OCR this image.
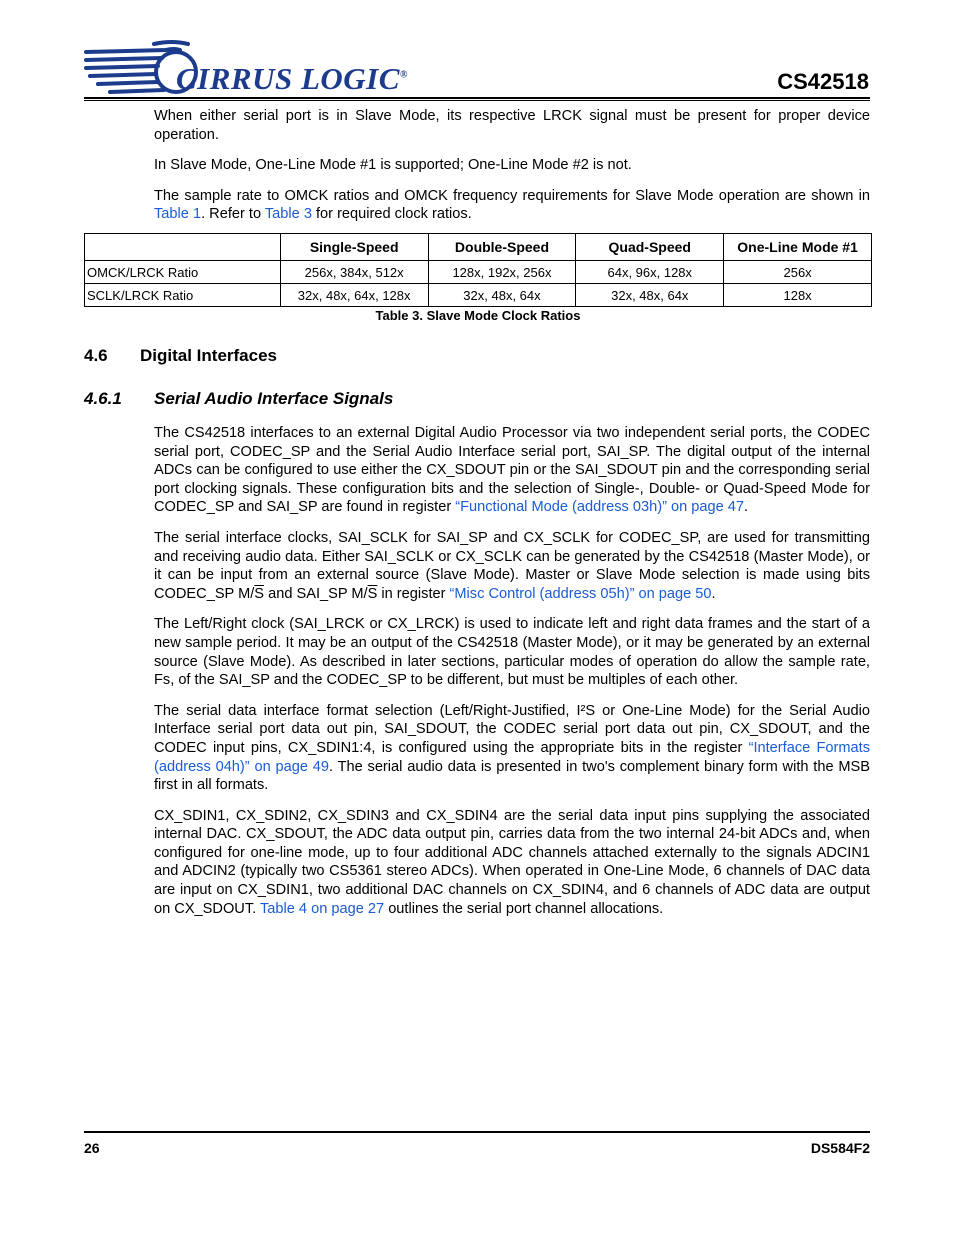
CIRRUS LOGIC®	CS42518

When either serial port is in Slave Mode, its respective LRCK signal must be present for proper device operation.

In Slave Mode, One-Line Mode #1 is supported; One-Line Mode #2 is not.

The sample rate to OMCK ratios and OMCK frequency requirements for Slave Mode operation are shown in Table 1. Refer to Table 3 for required clock ratios.

	Single-Speed	Double-Speed	Quad-Speed	One-Line Mode #1
OMCK/LRCK Ratio	256x, 384x, 512x	128x, 192x, 256x	64x, 96x, 128x	256x
SCLK/LRCK Ratio	32x, 48x, 64x, 128x	32x, 48x, 64x	32x, 48x, 64x	128x
Table 3. Slave Mode Clock Ratios
4.6 Digital Interfaces
4.6.1 Serial Audio Interface Signals

The CS42518 interfaces to an external Digital Audio Processor via two independent serial ports, the CODEC serial port, CODEC_SP and the Serial Audio Interface serial port, SAI_SP. The digital output of the internal ADCs can be configured to use either the CX_SDOUT pin or the SAI_SDOUT pin and the corresponding serial port clocking signals. These configuration bits and the selection of Single-, Double- or Quad-Speed Mode for CODEC_SP and SAI_SP are found in register “Functional Mode (address 03h)” on page 47.

The serial interface clocks, SAI_SCLK for SAI_SP and CX_SCLK for CODEC_SP, are used for transmitting and receiving audio data. Either SAI_SCLK or CX_SCLK can be generated by the CS42518 (Master Mode), or it can be input from an external source (Slave Mode). Master or Slave Mode selection is made using bits CODEC_SP $M/\overline{S}$ and SAI_SP $M/\overline{S}$ in register “Misc Control (address 05h)” on page 50.

The Left/Right clock (SAI_LRCK or CX_LRCK) is used to indicate left and right data frames and the start of a new sample period. It may be an output of the CS42518 (Master Mode), or it may be generated by an external source (Slave Mode). As described in later sections, particular modes of operation do allow the sample rate, Fs, of the SAI_SP and the CODEC_SP to be different, but must be multiples of each other.

The serial data interface format selection (Left/Right-Justified, I²S or One-Line Mode) for the Serial Audio Interface serial port data out pin, SAI_SDOUT, the CODEC serial port data out pin, CX_SDOUT, and the CODEC input pins, CX_SDIN1:4, is configured using the appropriate bits in the register “Interface Formats (address 04h)” on page 49. The serial audio data is presented in two's complement binary form with the MSB first in all formats.

CX_SDIN1, CX_SDIN2, CX_SDIN3 and CX_SDIN4 are the serial data input pins supplying the associated internal DAC. CX_SDOUT, the ADC data output pin, carries data from the two internal 24-bit ADCs and, when configured for one-line mode, up to four additional ADC channels attached externally to the signals ADCIN1 and ADCIN2 (typically two CS5361 stereo ADCs). When operated in One-Line Mode, 6 channels of DAC data are input on CX_SDIN1, two additional DAC channels on CX_SDIN4, and 6 channels of ADC data are output on CX_SDOUT. Table 4 on page 27 outlines the serial port channel allocations.

26	DS584F2
